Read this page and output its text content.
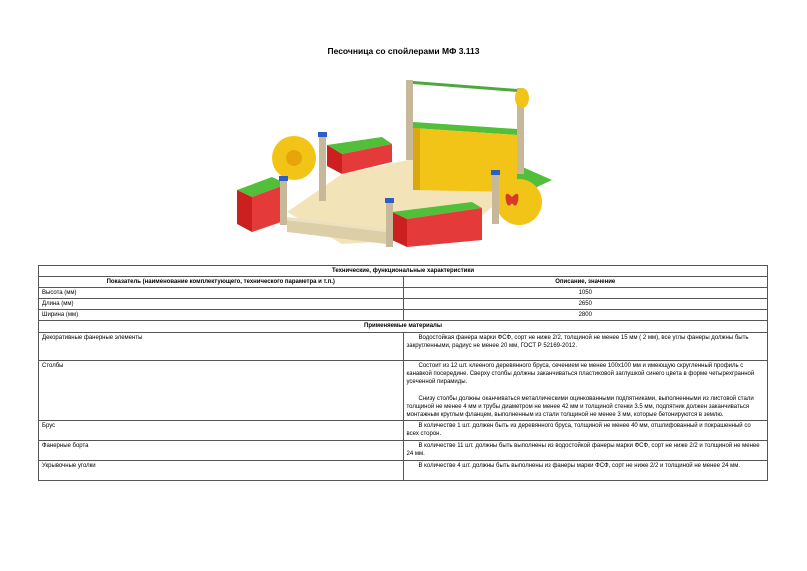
Песочница со спойлерами МФ 3.113
Технические, функциональные характеристики	
Показатель (наименование комплектующего, технического параметра и т.п.)	Описание, значение
Высота (мм)	1050
Длина (мм)	2650
Ширина (мм)	2800
Применяемые материалы	
Декоративные фанерные элементы	Водостойкая фанера марки ФСФ, сорт не ниже 2/2, толщиной не менее 15 мм ( 2 мм), все углы фанеры должны быть закругленными, радиус не менее 20 мм, ГОСТ Р 52169-2012.

Столбы	Состоит из 12 шт. клееного деревянного бруса, сечением не менее 100х100 мм и имеющую скругленный профиль с канавкой посередине. Сверху столбы должны заканчиваться пластиковой заглушкой синего цвета в форме четырехгранной усеченной пирамиды.

Снизу столбы должны оканчиваться металлическими оцинкованными подпятниками, выполненными из листовой стали толщиной не менее 4 мм и трубы диаметром не менее 42 мм и толщиной стенки 3.5 мм, подпятник должен заканчиваться монтажным круглым фланцем, выполненным из стали толщиной не менее 3 мм, которые бетонируются в землю.

Брус	В количестве 1 шт. должен быть из деревянного бруса, толщиной не менее 40 мм, отшлифованный и покрашенный со всех сторон.

Фанерные борта	В количестве 11 шт. должны быть выполнены из водостойкой фанеры марки ФСФ, сорт не ниже 2/2 и толщиной не менее 24 мм.

Укрывочные уголки	В количестве 4 шт. должны быть выполнены из фанеры марки ФСФ, сорт не ниже 2/2 и толщиной не менее 24 мм.
